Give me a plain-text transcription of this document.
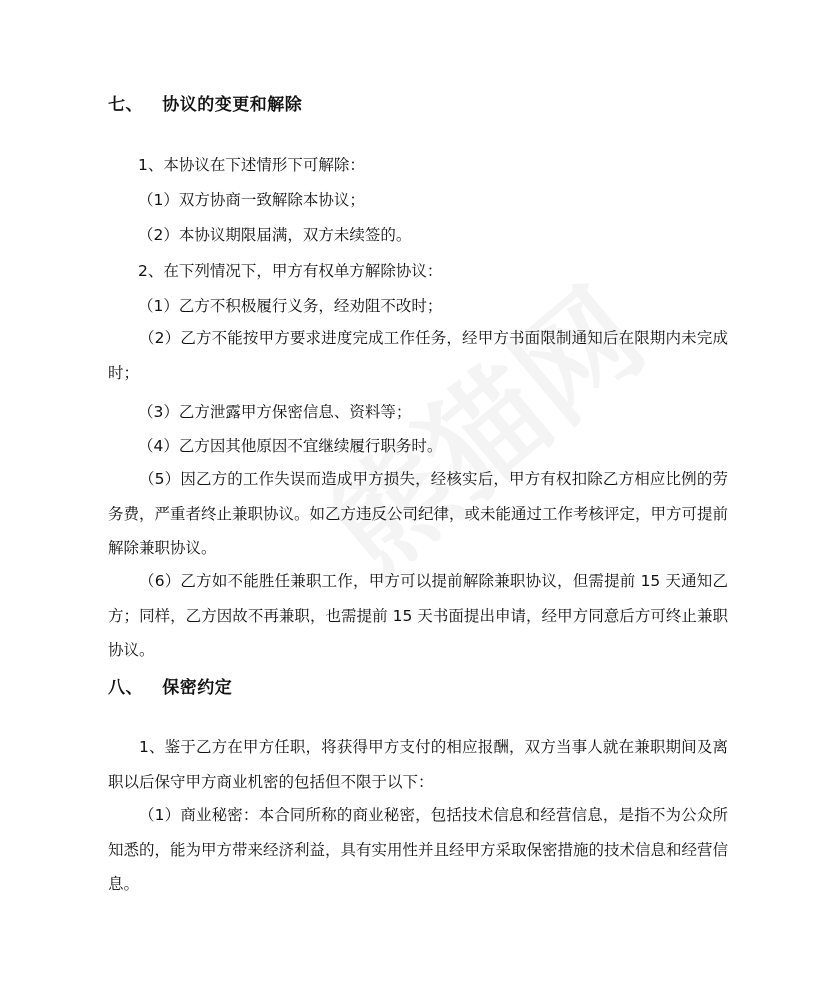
七、   协议的变更和解除
1、本协议在下述情形下可解除：
（1）双方协商一致解除本协议；
（2）本协议期限届满，双方未续签的。
2、在下列情况下，甲方有权单方解除协议：
（1）乙方不积极履行义务，经劝阻不改时；
（2）乙方不能按甲方要求进度完成工作任务，经甲方书面限制通知后在限期内未完成时；
（3）乙方泄露甲方保密信息、资料等；
（4）乙方因其他原因不宜继续履行职务时。
（5）因乙方的工作失误而造成甲方损失，经核实后，甲方有权扣除乙方相应比例的劳务费，严重者终止兼职协议。如乙方违反公司纪律，或未能通过工作考核评定，甲方可提前解除兼职协议。
（6）乙方如不能胜任兼职工作，甲方可以提前解除兼职协议，但需提前 15 天通知乙方；同样，乙方因故不再兼职，也需提前 15 天书面提出申请，经甲方同意后方可终止兼职协议。
八、   保密约定
1、鉴于乙方在甲方任职，将获得甲方支付的相应报酬，双方当事人就在兼职期间及离职以后保守甲方商业机密的包括但不限于以下：
（1）商业秘密：本合同所称的商业秘密，包括技术信息和经营信息，是指不为公众所知悉的，能为甲方带来经济利益，具有实用性并且经甲方采取保密措施的技术信息和经营信息。
